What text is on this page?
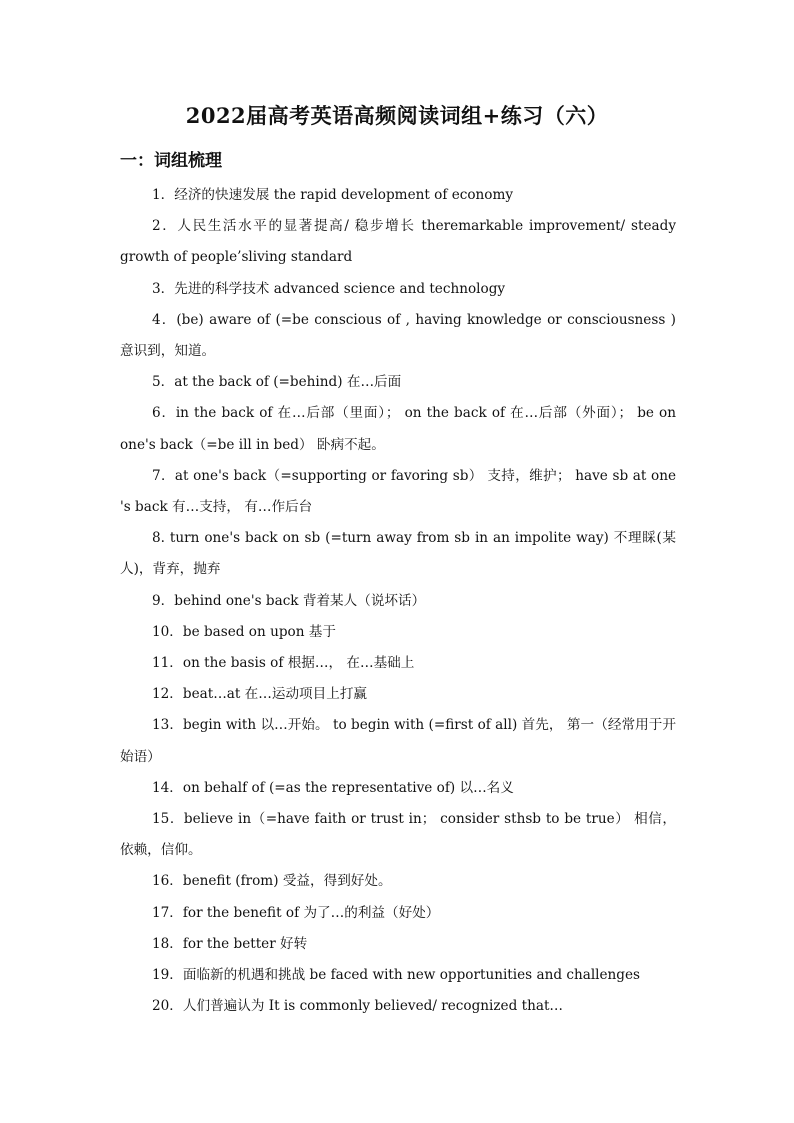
2022届高考英语高频阅读词组+练习（六）
一：词组梳理

1．经济的快速发展 the rapid development of economy

2．人民生活水平的显著提高/ 稳步增长 theremarkable improvement/ steady growth of people’sliving standard

3．先进的科学技术 advanced science and technology

4．(be) aware of (=be conscious of , having knowledge or consciousness ) 意识到，知道。

5．at the back of (=behind) 在…后面

6．in the back of 在…后部（里面）； on the back of 在…后部（外面）； be on one's back（=be ill in bed） 卧病不起。

7．at one's back（=supporting or favoring sb） 支持，维护； have sb at one 's back 有…支持， 有…作后台

8. turn one's back on sb (=turn away from sb in an impolite way) 不理睬(某人)，背弃，抛弃

9．behind one's back 背着某人（说坏话）

10．be based on upon 基于

11．on the basis of 根据…， 在…基础上

12．beat…at 在…运动项目上打赢

13．begin with 以…开始。 to begin with (=first of all) 首先， 第一（经常用于开始语）

14．on behalf of (=as the representative of) 以…名义

15．believe in（=have faith or trust in； consider sthsb to be true） 相信，依赖，信仰。

16．benefit (from) 受益，得到好处。

17．for the benefit of 为了…的利益（好处）

18．for the better 好转

19．面临新的机遇和挑战 be faced with new opportunities and challenges

20．人们普遍认为 It is commonly believed/ recognized that…
